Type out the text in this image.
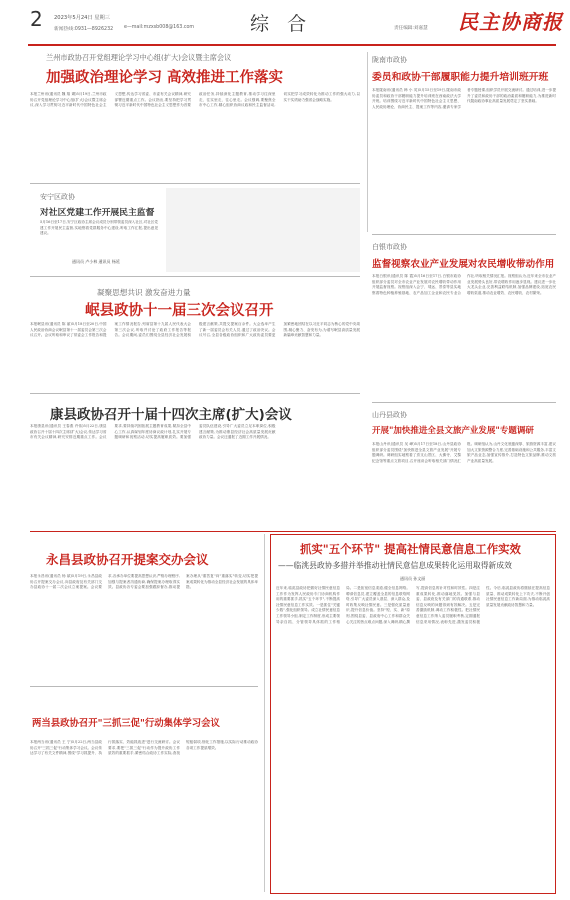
2 2023年5月24日 星期三	综  合	民主协商报
新闻热线:0931—8926232 e—mail:mzxsb008@163.com	责任编辑:刘嘉慧
兰州市政协召开党组理论学习中心组(扩大)会议暨主席会议
加强政治理论学习 高效推进工作落实
本报兰州讯(通讯员 魏 翔 瑚)5月19日,兰州市政协召开党组理论学习中心组(扩大)会议暨主席会议,深入学习贯彻习近平新时代中国特色社会主义思想,传达学习省委、市委有关会议精神,研究部署近期重点工作。会议指出,要坚持把学习贯彻习近平新时代中国特色社会主义思想作为首要政治任务,持续深化主题教育,推动学习往深里走、往实里走、往心里走。会议强调,要聚焦全市中心工作,精心组织协商议政和民主监督活动,切实把学习成效转化为推动工作的强大动力,以实干实绩助力强省会战略实施。
安宁区政协
对社区党建工作开展民主监督
5月16日至17日,安宁区政协主席会议成员分别带领委员深入社区,对社区党建工作开展民主监督,实地察看党群服务中心建设,听取工作汇报,提出意见建议。
通讯员 卢小林 通讯员 杨延
凝聚思想共识 激发奋进力量
岷县政协十一届三次会议召开
本报岷县讯(通讯员 陈 丽)5月18日至20日,中国人民政治协商会议岷县第十一届委员会第三次会议召开。会议听取和审议了常委会工作报告和提案工作情况报告,列席县第十九届人民代表大会第三次会议,听取并讨论了政府工作报告等报告。会议期间,委员们围绕全县经济社会发展积极建言献策,共提交提案百余件。大会选举产生了新一届委员会有关人员,通过了政治决议。会议号召,全县各级政协组织和广大政协委员要更加紧密地团结在以习近平同志为核心的党中央周围,凝心聚力、奋发有为,为谱写岷县高质量发展新篇章贡献智慧和力量。
康县政协召开十届十四次主席(扩大)会议
本报康县讯(通讯员 王春燕 许伟)5月22日,康县政协召开十届十四次主席(扩大)会议,传达学习省市有关会议精神,研究安排近期重点工作。会议要求,要持续巩固拓展主题教育成果,紧扣全县中心工作,认真谋划年度协商议政计划,扎实开展专题调研和视察活动,切实提高履职质效。要加强委员队伍建设,引导广大委员立足本职岗位,积极建言献策,为推动康县经济社会高质量发展贡献政协力量。会议还通报了近期工作开展情况。
陇南市政协
委员和政协干部履职能力提升培训班开班
本报陇南讯(通讯员 韩 小 英)5月15日至19日,陇南市政协委员和政协干部履职能力提升培训班在西南政法大学开班。培训围绕习近平新时代中国特色社会主义思想、人民政协理论、协商民主、提案工作等内容,邀请专家学者专题授课,组织学员开展交流研讨。通过培训,进一步提升了委员和政协干部的政治素质和履职能力,为推进新时代陇南政协事业高质量发展奠定了坚实基础。
白银市政协
监督视察农业产业发展对农民增收带动作用
本报白银讯(通讯员 陈 霞)5月16日至17日,白银市政协组织部分委员对全市农业产业发展对农民增收带动作用开展监督视察。视察组深入会宁、靖远、景泰等县实地察看特色种植养殖基地、农产品加工企业和农民专业合作社,听取相关情况汇报。视察组认为,近年来全市农业产业发展势头良好,带农增收作用逐步显现。建议进一步壮大龙头企业,完善利益联结机制,加强品牌建设,拓宽农民增收渠道,推动农业增效、农民增收、农村繁荣。
山丹县政协
开展"加快推进全县文旅产业发展"专题调研
本报山丹讯(通讯员 吴 峰)5月17日至18日,山丹县政协组织部分委员围绕"加快推进全县文旅产业发展"开展专题调研。调研组实地察看了焉支山景区、大佛寺、艾黎纪念馆等重点文旅项目,召开座谈会听取相关部门情况汇报。调研组认为,山丹文化底蕴深厚、旅游资源丰富,建议加大文旅资源整合力度,完善基础设施和公共服务,丰富文旅产品业态,加强宣传推介,打造特色文旅品牌,推动文旅产业高质量发展。
永昌县政协召开提案交办会议
本报永昌讯(通讯员 杨 斌)5月19日,永昌县政协召开提案交办会议,向县政府及有关部门交办县政协十一届二次会议立案提案。会议要求,各承办单位要提高思想认识,严格办理程序,加强与提案者沟通协商,确保提案办理取得实效。县政协各专委会要加强跟踪督办,推动提案办理从"重答复"向"重落实"转变,切实把提案成果转化为推动全县经济社会发展的具体举措。
两当县政协召开"三抓三促"行动集体学习会议
本报两当讯(通讯员 王 宁)5月22日,两当县政协召开"三抓三促"行动集体学习会议。会议传达学习了有关文件精神,围绕"学习抓提升、执行抓落实、效能抓改进"进行交流研讨。会议要求,要把"三抓三促"行动作为提升政协工作质效的重要抓手,紧密结合政协工作实际,查找短板弱项,细化工作措施,以实际行动推动政协各项工作提质增效。
抓实"五个环节" 提高社情民意信息工作实效
——临洮县政协多措并举推动社情民意信息成果转化运用取得新成效
通讯员 孙文丽
近年来,临洮县政协把做好社情民意信息工作作为发挥人民政协专门协商机构作用的重要抓手,抓实"五个环节",不断提高社情民意信息工作实效。一是抓住"关键少数",强化组织领导。成立社情民意信息工作领导小组,制定工作制度,形成主要领导亲自抓、分管领导具体抓的工作格局。二是拓宽信息渠道,健全信息网络。聘请信息员,建立覆盖全县的信息联络网络,引导广大委员深入基层、深入群众,及时收集反映社情民意。三是强化质量意识,提升信息价值。坚持"短、实、新"原则,围绕县委、县政府中心工作和群众关心关注的热点难点问题,深入调研,精心撰写,提高信息的针对性和时效性。四是注重成果转化,推动落地见效。加强与县委、县政府及有关部门的沟通联系,推动信息反映的问题得到有效解决。五是完善激励机制,调动工作积极性。把社情民意信息工作纳入委员履职考核,定期通报信息采用情况,表彰先进,激发委员积极性。今后,临洮县政协将继续在提高信息质量、推动成果转化上下功夫,不断开创社情民意信息工作新局面,为推动临洮高质量发展贡献政协智慧和力量。
